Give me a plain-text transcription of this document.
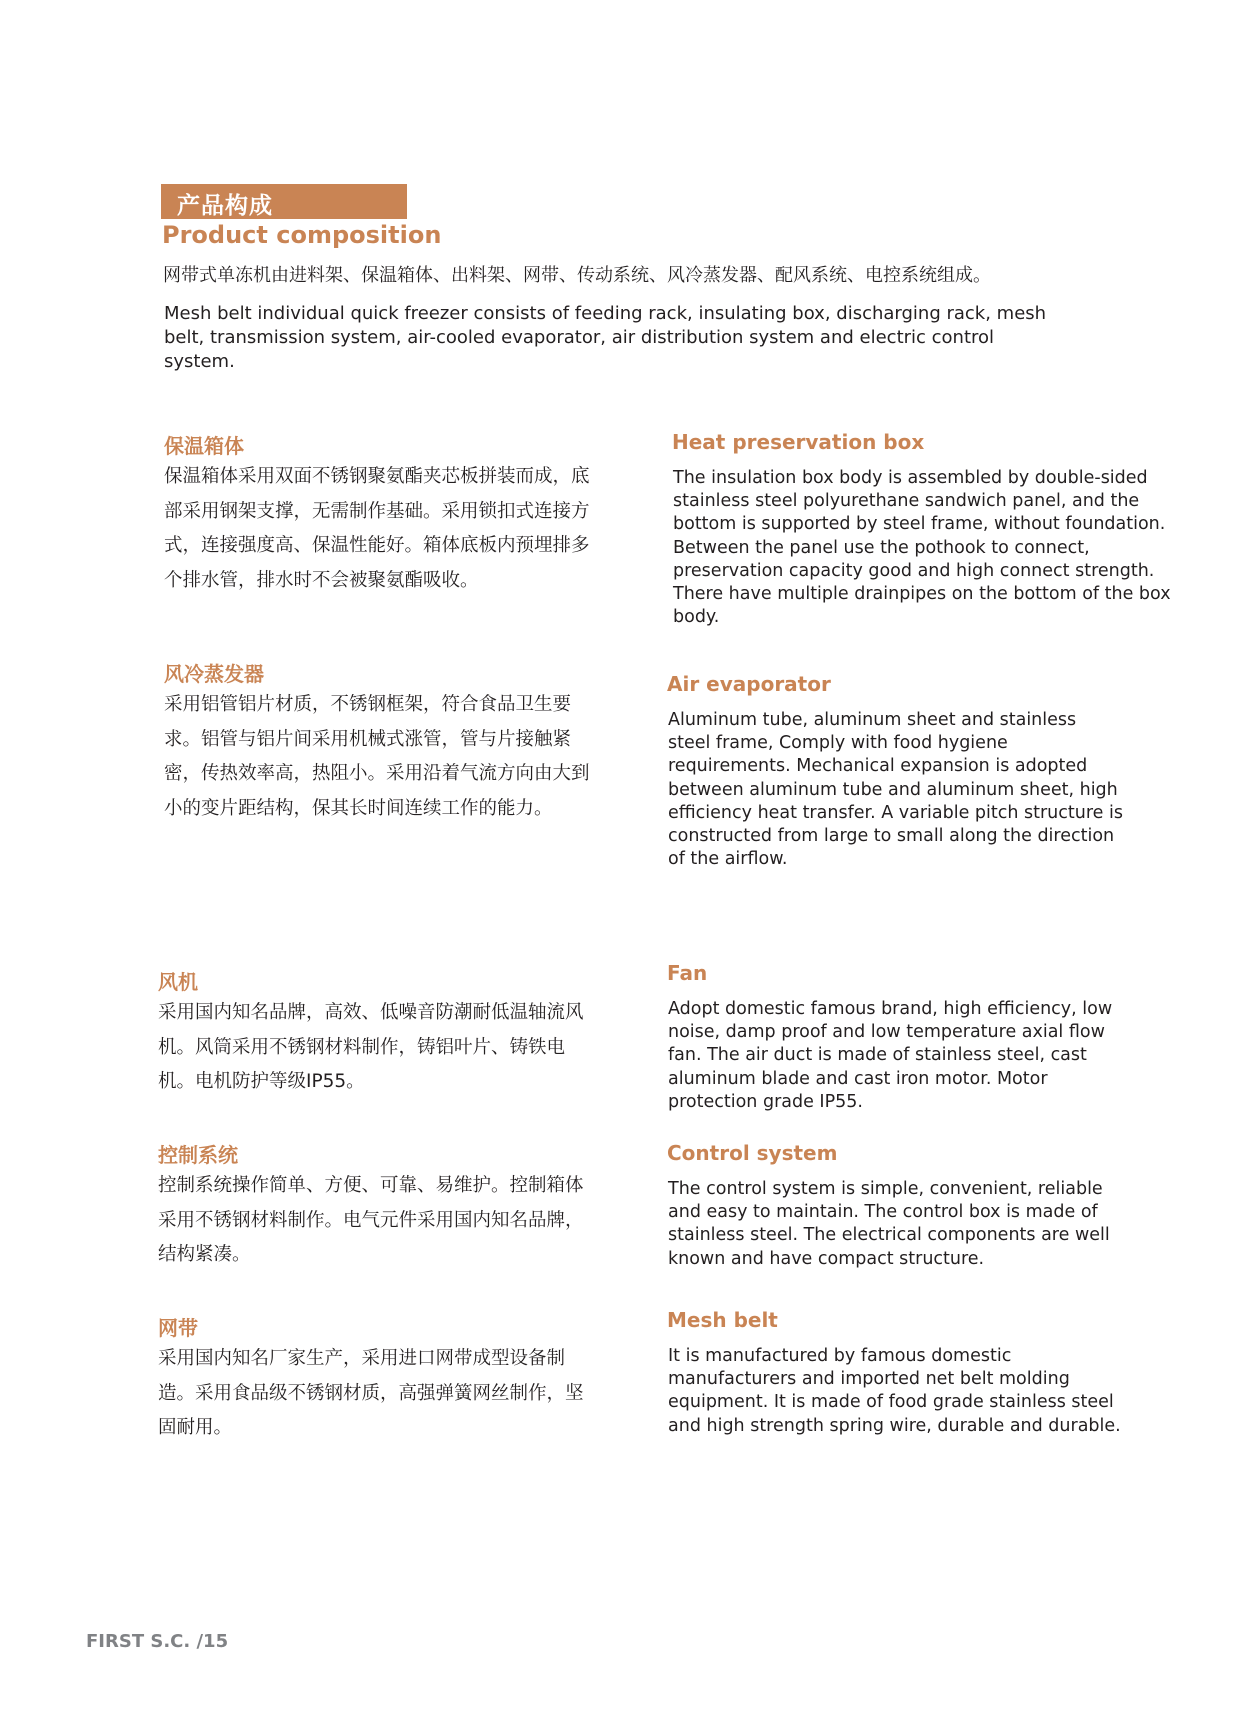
产品构成
Product composition
网带式单冻机由进料架、保温箱体、出料架、网带、传动系统、风冷蒸发器、配风系统、电控系统组成。
Mesh belt individual quick freezer consists of feeding rack, insulating box, discharging rack, mesh belt, transmission system, air-cooled evaporator, air distribution system and electric control system.
保温箱体
保温箱体采用双面不锈钢聚氨酯夹芯板拼装而成，底部采用钢架支撑，无需制作基础。采用锁扣式连接方式，连接强度高、保温性能好。箱体底板内预埋排多个排水管，排水时不会被聚氨酯吸收。
Heat preservation box
The insulation box body is assembled by double-sided stainless steel polyurethane sandwich panel, and the bottom is supported by steel frame, without foundation. Between the panel use the pothook to connect, preservation capacity good and high connect strength. There have multiple drainpipes on the bottom of the box body.
风冷蒸发器
采用铝管铝片材质，不锈钢框架，符合食品卫生要求。铝管与铝片间采用机械式涨管，管与片接触紧密，传热效率高，热阻小。采用沿着气流方向由大到小的变片距结构，保其长时间连续工作的能力。
Air evaporator
Aluminum tube, aluminum sheet and stainless steel frame, Comply with food hygiene requirements. Mechanical expansion is adopted between aluminum tube and aluminum sheet, high efficiency heat transfer. A variable pitch structure is constructed from large to small along the direction of the airflow.
风机
采用国内知名品牌，高效、低噪音防潮耐低温轴流风机。风筒采用不锈钢材料制作，铸铝叶片、铸铁电机。电机防护等级IP55。
Fan
Adopt domestic famous brand, high efficiency, low noise, damp proof and low temperature axial flow fan. The air duct is made of stainless steel, cast aluminum blade and cast iron motor. Motor protection grade IP55.
控制系统
控制系统操作简单、方便、可靠、易维护。控制箱体采用不锈钢材料制作。电气元件采用国内知名品牌，结构紧凑。
Control system
The control system is simple, convenient, reliable and easy to maintain. The control box is made of stainless steel. The electrical components are well known and have compact structure.
网带
采用国内知名厂家生产，采用进口网带成型设备制造。采用食品级不锈钢材质，高强弹簧网丝制作，坚固耐用。
Mesh belt
It is manufactured by famous domestic manufacturers and imported net belt molding equipment. It is made of food grade stainless steel and high strength spring wire, durable and durable.
FIRST S.C. /15
